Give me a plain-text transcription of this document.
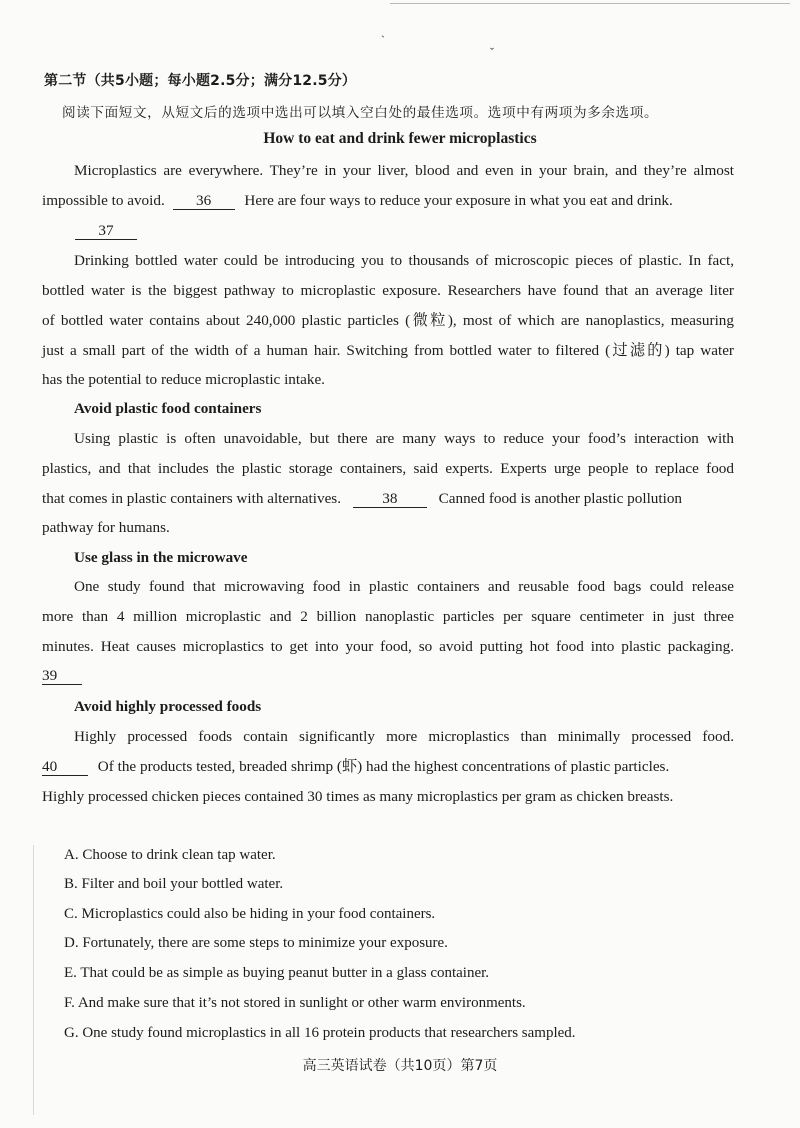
`
ˇ
第二节（共5小题；每小题2.5分；满分12.5分）
阅读下面短文，从短文后的选项中选出可以填入空白处的最佳选项。选项中有两项为多余选项。
How to eat and drink fewer microplastics
Microplastics are everywhere. They’re in your liver, blood and even in your brain, and they’re almost
impossible to avoid. 36 Here are four ways to reduce your exposure in what you eat and drink.
37
Drinking bottled water could be introducing you to thousands of microscopic pieces of plastic. In fact,
bottled water is the biggest pathway to microplastic exposure. Researchers have found that an average liter
of bottled water contains about 240,000 plastic particles (微粒), most of which are nanoplastics, measuring
just a small part of the width of a human hair. Switching from bottled water to filtered (过滤的) tap water
has the potential to reduce microplastic intake.
Avoid plastic food containers
Using plastic is often unavoidable, but there are many ways to reduce your food’s interaction with
plastics, and that includes the plastic storage containers, said experts. Experts urge people to replace food
that comes in plastic containers with alternatives.	38	Canned food is another plastic pollution
pathway for humans.
Use glass in the microwave
One study found that microwaving food in plastic containers and reusable food bags could release
more than 4 million microplastic and 2 billion nanoplastic particles per square centimeter in just three
minutes. Heat causes microplastics to get into your food, so avoid putting hot food into plastic packaging.
39
Avoid highly processed foods
Highly processed foods contain significantly more microplastics than minimally processed food.
40	Of the products tested, breaded shrimp (虾) had the highest concentrations of plastic particles.
Highly processed chicken pieces contained 30 times as many microplastics per gram as chicken breasts.
A. Choose to drink clean tap water.
B. Filter and boil your bottled water.
C. Microplastics could also be hiding in your food containers.
D. Fortunately, there are some steps to minimize your exposure.
E. That could be as simple as buying peanut butter in a glass container.
F. And make sure that it’s not stored in sunlight or other warm environments.
G. One study found microplastics in all 16 protein products that researchers sampled.
高三英语试卷（共10页）第7页
